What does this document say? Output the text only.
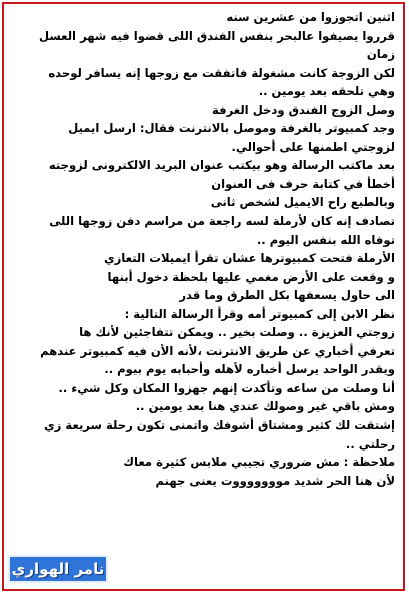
اثنين اتجوزوا من عشرين سنه
قرروا يصيفوا عالبحر بنفس الفندق اللى قضوا فيه شهر العسل
زمان
لكن الزوجة كانت مشغولة فاتفقت مع زوجها إنه يسافر لوحده
وهي تلحقه بعد يومين ..
وصل الزوج الفندق ودخل الغرفة
وجد كمبيوتر بالغرفة وموصل بالانترنت فقال: ارسل ايميل
لزوجتي اطمنها على أحوالي.
بعد ماكتب الرسالة وهو بيكتب عنوان البريد الالكترونى لزوجته
أخطأ في كتابة حرف فى العنوان
وبالطبع راح الايميل لشخص ثانى
تصادف إنه كان لأرملة لسه راجعة من مراسم دفن زوجها اللى
توفاه الله بنفس اليوم ..
الأرملة فتحت كمبيوترها عشان تقرأ ايميلات التعازي
و وقعت على الأرض مغمي عليها بلحظة دخول أبنها
الى حاول يسعفها بكل الطرق وما قدر
نظر الابن إلى كمبيوتر أمه وقرأ الرسالة التالية :
زوجتي العزيزة .. وصلت بخير .. ويمكن تتفاجئين لأنك ها
تعرفي أخباري عن طريق الانترنت ،لأنه الأن فيه كمبيوتر عندهم
ويقدر الواحد يرسل أخباره لأهله وأحبابه يوم بيوم ..
أنا وصلت من ساعه وتأكدت إنهم جهزوا المكان وكل شيء ..
ومش باقي غير وصولك عندي هنا بعد يومين ..
إشتقت لك كثير ومشتاق أشوفك واتمنى تكون رحلة سريعة زي
رحلتي ..
ملاحظة : مش ضروري تجيبي ملابس كثيرة معاك
لأن هنا الحر شديد موووووووت يعنى جهنم
نامر الهواري
